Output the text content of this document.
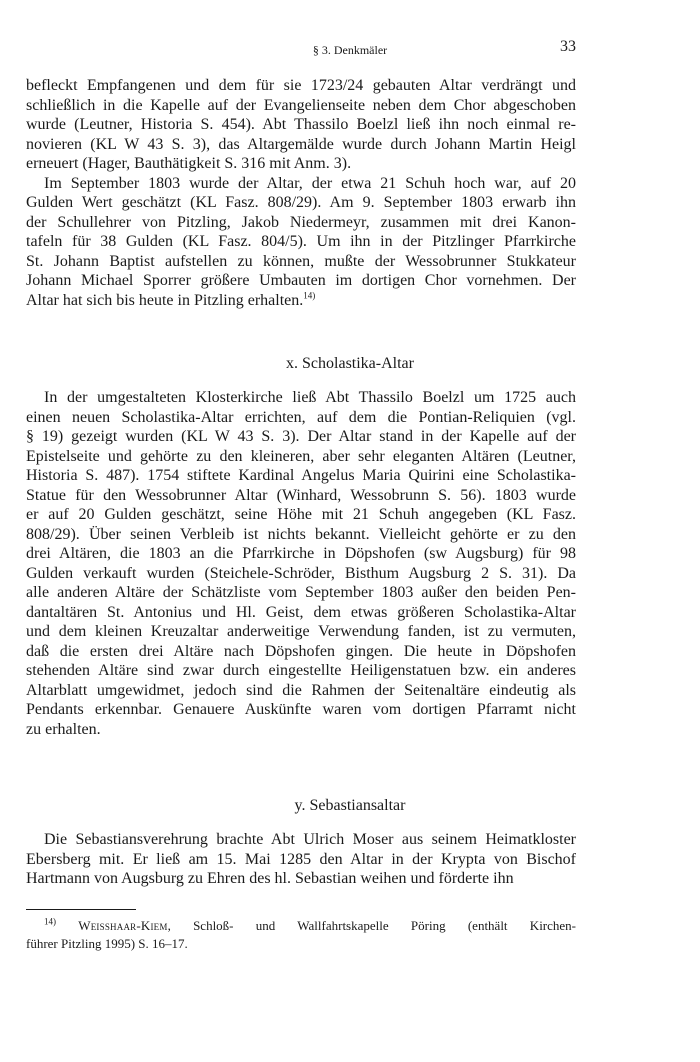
§ 3. Denkmäler	33
befleckt Empfangenen und dem für sie 1723/24 gebauten Altar verdrängt und
schließlich in die Kapelle auf der Evangelienseite neben dem Chor abgeschoben
wurde (Leutner, Historia S. 454). Abt Thassilo Boelzl ließ ihn noch einmal re-
novieren (KL W 43 S. 3), das Altargemälde wurde durch Johann Martin Heigl
erneuert (Hager, Bauthätigkeit S. 316 mit Anm. 3).
Im September 1803 wurde der Altar, der etwa 21 Schuh hoch war, auf 20
Gulden Wert geschätzt (KL Fasz. 808/29). Am 9. September 1803 erwarb ihn
der Schullehrer von Pitzling, Jakob Niedermeyr, zusammen mit drei Kanon-
tafeln für 38 Gulden (KL Fasz. 804/5). Um ihn in der Pitzlinger Pfarrkirche
St. Johann Baptist aufstellen zu können, mußte der Wessobrunner Stukkateur
Johann Michael Sporrer größere Umbauten im dortigen Chor vornehmen. Der
Altar hat sich bis heute in Pitzling erhalten.$^{14)}$
x. Scholastika-Altar
In der umgestalteten Klosterkirche ließ Abt Thassilo Boelzl um 1725 auch
einen neuen Scholastika-Altar errichten, auf dem die Pontian-Reliquien (vgl.
§ 19) gezeigt wurden (KL W 43 S. 3). Der Altar stand in der Kapelle auf der
Epistelseite und gehörte zu den kleineren, aber sehr eleganten Altären (Leutner,
Historia S. 487). 1754 stiftete Kardinal Angelus Maria Quirini eine Scholastika-
Statue für den Wessobrunner Altar (Winhard, Wessobrunn S. 56). 1803 wurde
er auf 20 Gulden geschätzt, seine Höhe mit 21 Schuh angegeben (KL Fasz.
808/29). Über seinen Verbleib ist nichts bekannt. Vielleicht gehörte er zu den
drei Altären, die 1803 an die Pfarrkirche in Döpshofen (sw Augsburg) für 98
Gulden verkauft wurden (Steichele-Schröder, Bisthum Augsburg 2 S. 31). Da
alle anderen Altäre der Schätzliste vom September 1803 außer den beiden Pen-
dantaltären St. Antonius und Hl. Geist, dem etwas größeren Scholastika-Altar
und dem kleinen Kreuzaltar anderweitige Verwendung fanden, ist zu vermuten,
daß die ersten drei Altäre nach Döpshofen gingen. Die heute in Döpshofen
stehenden Altäre sind zwar durch eingestellte Heiligenstatuen bzw. ein anderes
Altarblatt umgewidmet, jedoch sind die Rahmen der Seitenaltäre eindeutig als
Pendants erkennbar. Genauere Auskünfte waren vom dortigen Pfarramt nicht
zu erhalten.
y. Sebastiansaltar
Die Sebastiansverehrung brachte Abt Ulrich Moser aus seinem Heimatkloster
Ebersberg mit. Er ließ am 15. Mai 1285 den Altar in der Krypta von Bischof
Hartmann von Augsburg zu Ehren des hl. Sebastian weihen und förderte ihn
$^{14)}$ Weisshaar-Kiem, Schloß- und Wallfahrtskapelle Pöring (enthält Kirchen-
führer Pitzling 1995) S. 16–17.
